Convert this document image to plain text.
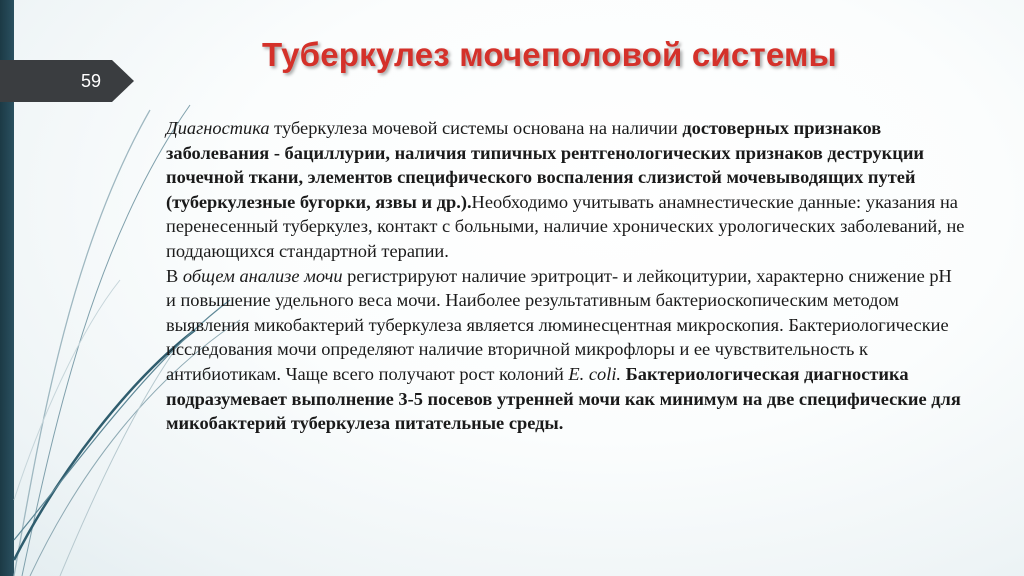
59
Туберкулез мочеполовой системы

Диагностика туберкулеза мочевой системы основана на наличии достоверных признаков заболевания - бациллурии, наличия типичных рентгенологических признаков деструкции почечной ткани, элементов специфического воспаления слизистой мочевыводящих путей (туберкулезные бугорки, язвы и др.).Необходимо учитывать анамнестические данные: указания на перенесенный туберкулез, контакт с больными, наличие хронических урологических заболеваний, не поддающихся стандартной терапии.

В общем анализе мочи регистрируют наличие эритроцит- и лейкоцитурии, характерно снижение pH и повышение удельного веса мочи. Наиболее результативным бактериоскопическим методом выявления микобактерий туберкулеза является люминесцентная микроскопия. Бактериологические исследования мочи определяют наличие вторичной микрофлоры и ее чувствительность к антибиотикам. Чаще всего получают рост колоний E. coli. Бактериологическая диагностика подразумевает выполнение 3-5 посевов утренней мочи как минимум на две специфические для микобактерий туберкулеза питательные среды.
